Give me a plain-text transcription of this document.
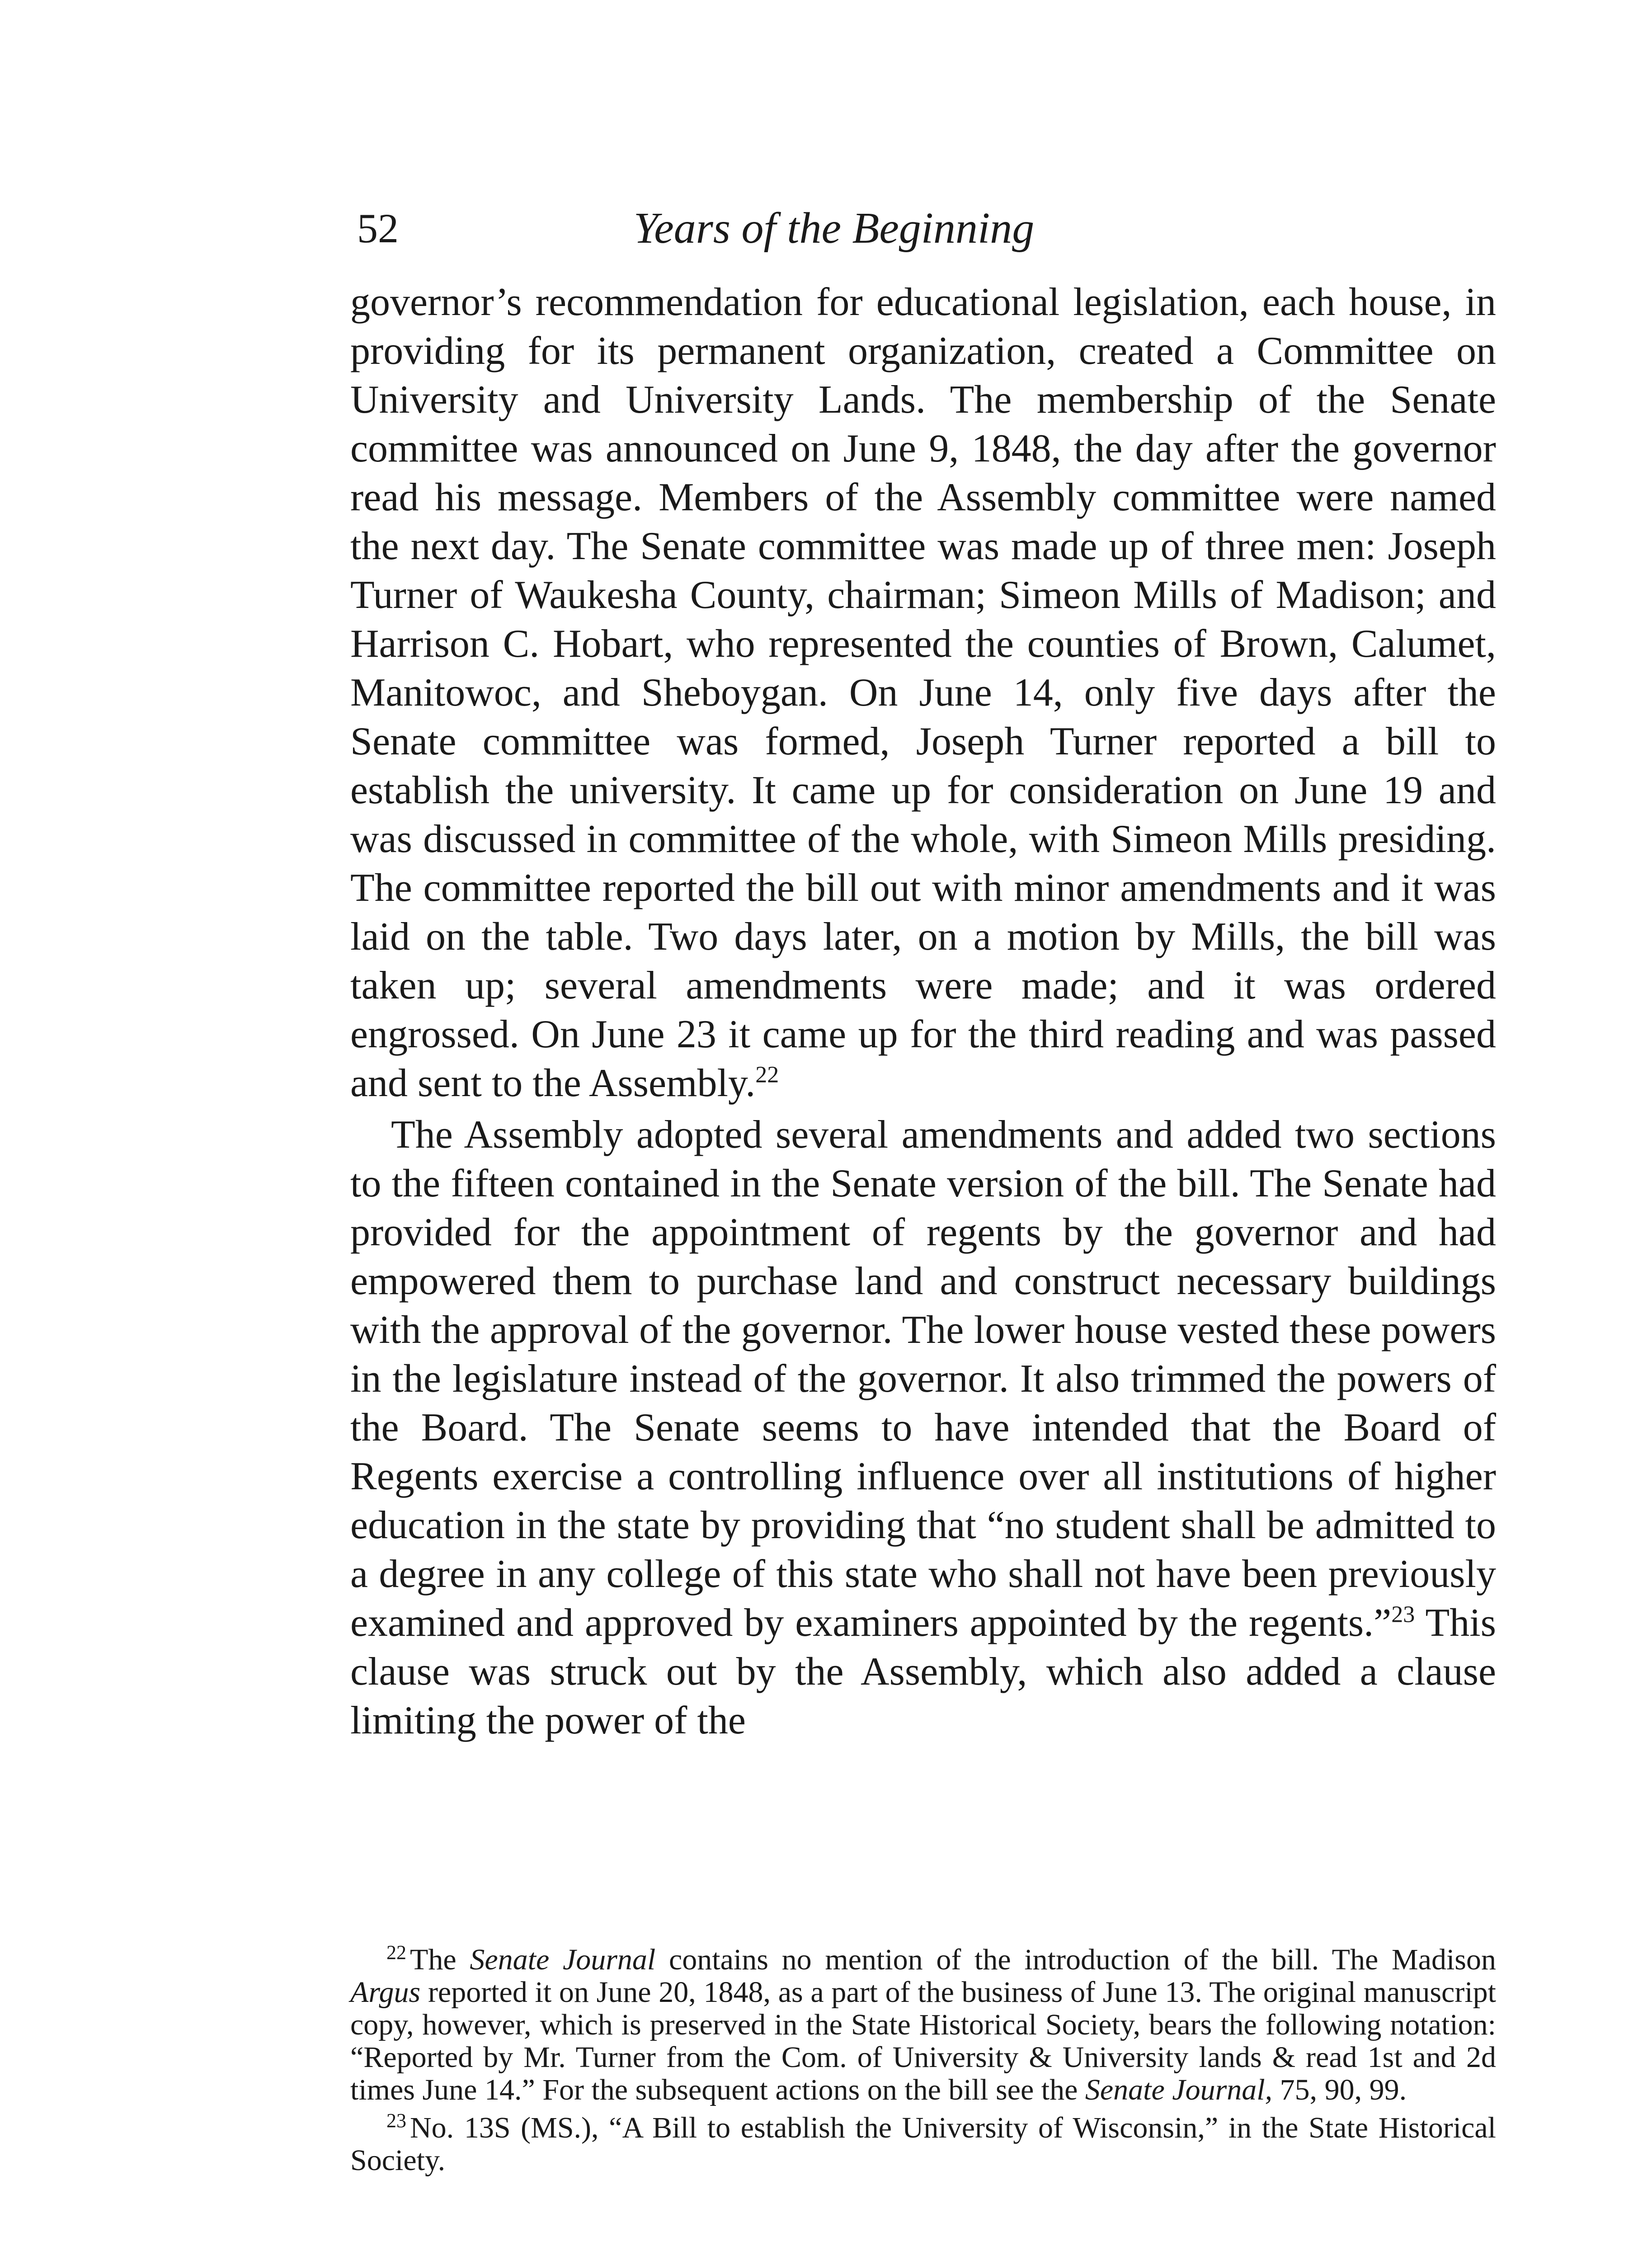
52	Years of the Beginning

governor’s recommendation for educational legislation, each house, in providing for its permanent organization, created a Committee on University and University Lands. The membership of the Senate committee was announced on June 9, 1848, the day after the governor read his message. Members of the Assembly committee were named the next day. The Senate committee was made up of three men: Joseph Turner of Waukesha County, chairman; Simeon Mills of Madison; and Harrison C. Hobart, who represented the counties of Brown, Calumet, Manitowoc, and Sheboygan. On June 14, only five days after the Senate committee was formed, Joseph Turner reported a bill to establish the university. It came up for consideration on June 19 and was discussed in committee of the whole, with Simeon Mills presiding. The committee reported the bill out with minor amendments and it was laid on the table. Two days later, on a motion by Mills, the bill was taken up; several amendments were made; and it was ordered engrossed. On June 23 it came up for the third reading and was passed and sent to the Assembly.$^{22}$

The Assembly adopted several amendments and added two sections to the fifteen contained in the Senate version of the bill. The Senate had provided for the appointment of regents by the governor and had empowered them to purchase land and construct necessary buildings with the approval of the governor. The lower house vested these powers in the legislature instead of the governor. It also trimmed the powers of the Board. The Senate seems to have intended that the Board of Regents exercise a controlling influence over all institutions of higher education in the state by providing that “no student shall be admitted to a degree in any college of this state who shall not have been previously examined and approved by examiners appointed by the regents.”$^{23}$ This clause was struck out by the Assembly, which also added a clause limiting the power of the

$^{22}$ The Senate Journal contains no mention of the introduction of the bill. The Madison Argus reported it on June 20, 1848, as a part of the business of June 13. The original manuscript copy, however, which is preserved in the State Historical Society, bears the following notation: “Reported by Mr. Turner from the Com. of University & University lands & read 1st and 2d times June 14.” For the subsequent actions on the bill see the Senate Journal, 75, 90, 99.

$^{23}$ No. 13S (MS.), “A Bill to establish the University of Wisconsin,” in the State Historical Society.
